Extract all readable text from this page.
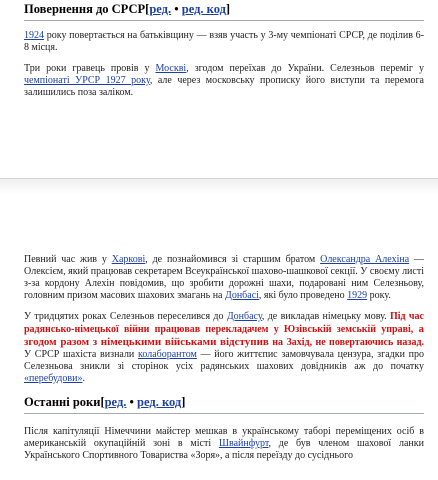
Повернення до СРСР[ред. • ред. код]

1924 року повертається на батьківщину — взяв участь у 3-му чемпіонаті СРСР, де поділив 6-8 місця.

Три роки гравець провів у Москві, згодом переїхав до України. Селезньов переміг у чемпіонаті УРСР 1927 року, але через московську прописку його виступи та перемога залишились поза заліком.

Певний час жив у Харкові, де познайомився зі старшим братом Олександра Алехіна — Олексієм, який працював секретарем Всеукраїнської шахово-шашкової секції. У своєму листі з-за кордону Алехін повідомив, що зробити дорожні шахи, подаровані ним Селезньову, головним призом масових шахових змагань на Донбасі, які було проведено 1929 року.

У тридцятих роках Селезньов переселився до Донбасу, де викладав німецьку мову. Під час радянсько-німецької війни працював перекладачем у Юзівській земській управі, а згодом разом з німецькими військами відступив на Захід, не повертаючись назад. У СРСР шахіста визнали колаборантом — його життєпис замовчувала цензура, згадки про Селезньова зникли зі сторінок усіх радянських шахових довідників аж до початку «перебудови».

Останні роки[ред. • ред. код]

Після капітуляції Німеччини майстер мешкав в українському таборі переміщених осіб в американській окупаційній зоні в місті Швайнфурт, де був членом шахової ланки Українського Спортивного Товариства «Зоря», а після переїзду до сусіднього
